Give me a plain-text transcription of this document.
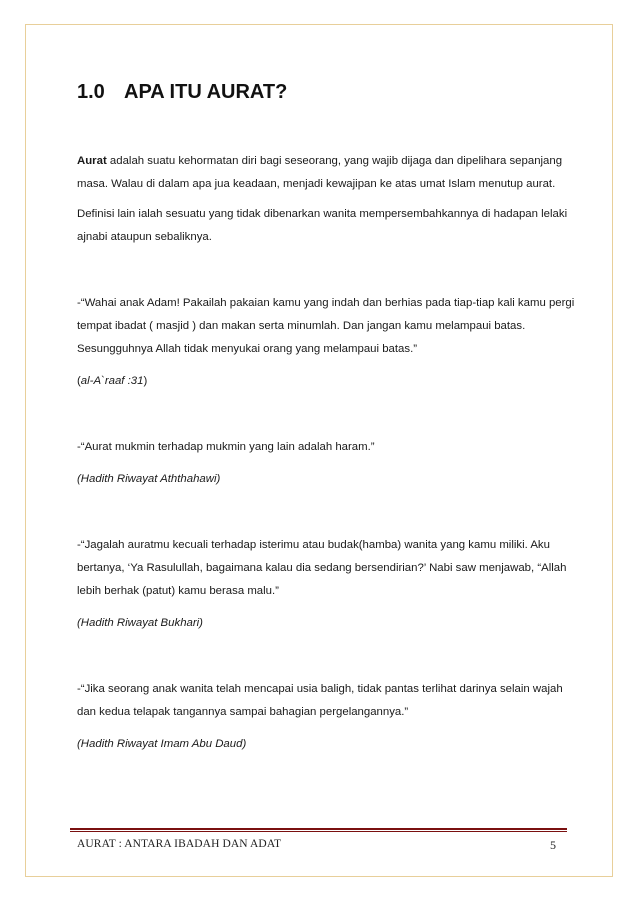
1.0 APA ITU AURAT?

Aurat adalah suatu kehormatan diri bagi seseorang, yang wajib dijaga dan dipelihara sepanjang masa. Walau di dalam apa jua keadaan, menjadi kewajipan ke atas umat Islam menutup aurat.

Definisi lain ialah sesuatu yang tidak dibenarkan wanita mempersembahkannya di hadapan lelaki ajnabi ataupun sebaliknya.

-“Wahai anak Adam! Pakailah pakaian kamu yang indah dan berhias pada tiap-tiap kali kamu pergi tempat ibadat ( masjid ) dan makan serta minumlah. Dan jangan kamu melampaui batas. Sesungguhnya Allah tidak menyukai orang yang melampaui batas.”

(al-A`raaf :31)

-“Aurat mukmin terhadap mukmin yang lain adalah haram.”

(Hadith Riwayat Aththahawi)

-“Jagalah auratmu kecuali terhadap isterimu atau budak(hamba) wanita yang kamu miliki. Aku bertanya, ‘Ya Rasulullah, bagaimana kalau dia sedang bersendirian?’ Nabi saw menjawab, “Allah lebih berhak (patut) kamu berasa malu.”

(Hadith Riwayat Bukhari)

-“Jika seorang anak wanita telah mencapai usia baligh, tidak pantas terlihat darinya selain wajah dan kedua telapak tangannya sampai bahagian pergelangannya.”

(Hadith Riwayat Imam Abu Daud)

AURAT : ANTARA IBADAH DAN ADAT	5
